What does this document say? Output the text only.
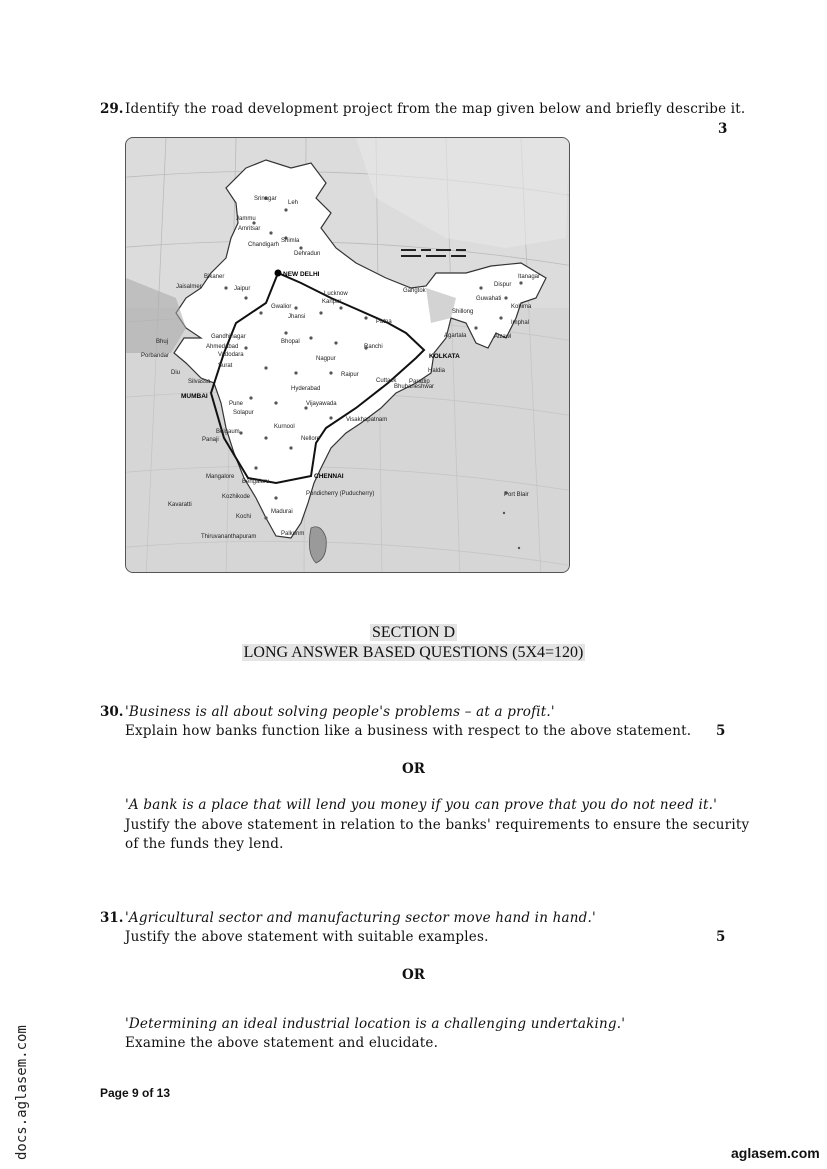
29. Identify the road development project from the map given below and briefly describe it.
3
Srinagar
Leh
Jammu
Amritsar
Chandigarh
Shimla
Dehradun
NEW DELHI
Jaisalmer	Jaipur
Bikaner
Lucknow	Gangtok
Dispur
Itanagar
Guwahati
Shillong
Kohima
Imphal
Aizawl
Agartala
Gwalior
Kanpur
Jhansi
Patna
Ranchi
Bhopal
Gandhinagar
Ahmedabad
Vadodara
Bhuj
Porbandar
Diu
Surat
Silvassa
MUMBAI
Nagpur
Raipur
KOLKATA
Cuttack
Bhubaneshwar
Paradip
Haldia
Hyderabad
Vijayawada
Visakhapatnam
Pune
Solapur
Panaji
Belgaum
Kurnool
Nellore
Bengaluru
CHENNAI
Mangalore
Pondicherry (Puducherry)
Kozhikode
Kochi
Madurai
Thiruvananthapuram	Palkonm
Kavaratti
Port Blair
SECTION D
LONG ANSWER BASED QUESTIONS (5X4=120)
30. 'Business is all about solving people's problems – at a profit.'
Explain how banks function like a business with respect to the above statement. 5
OR
'A bank is a place that will lend you money if you can prove that you do not need it.'
Justify the above statement in relation to the banks' requirements to ensure the security
of the funds they lend.
31. 'Agricultural sector and manufacturing sector move hand in hand.'
Justify the above statement with suitable examples.	5
OR
'Determining an ideal industrial location is a challenging undertaking.'
Examine the above statement and elucidate.
Page 9 of 13
docs.aglasem.com	aglasem.com
